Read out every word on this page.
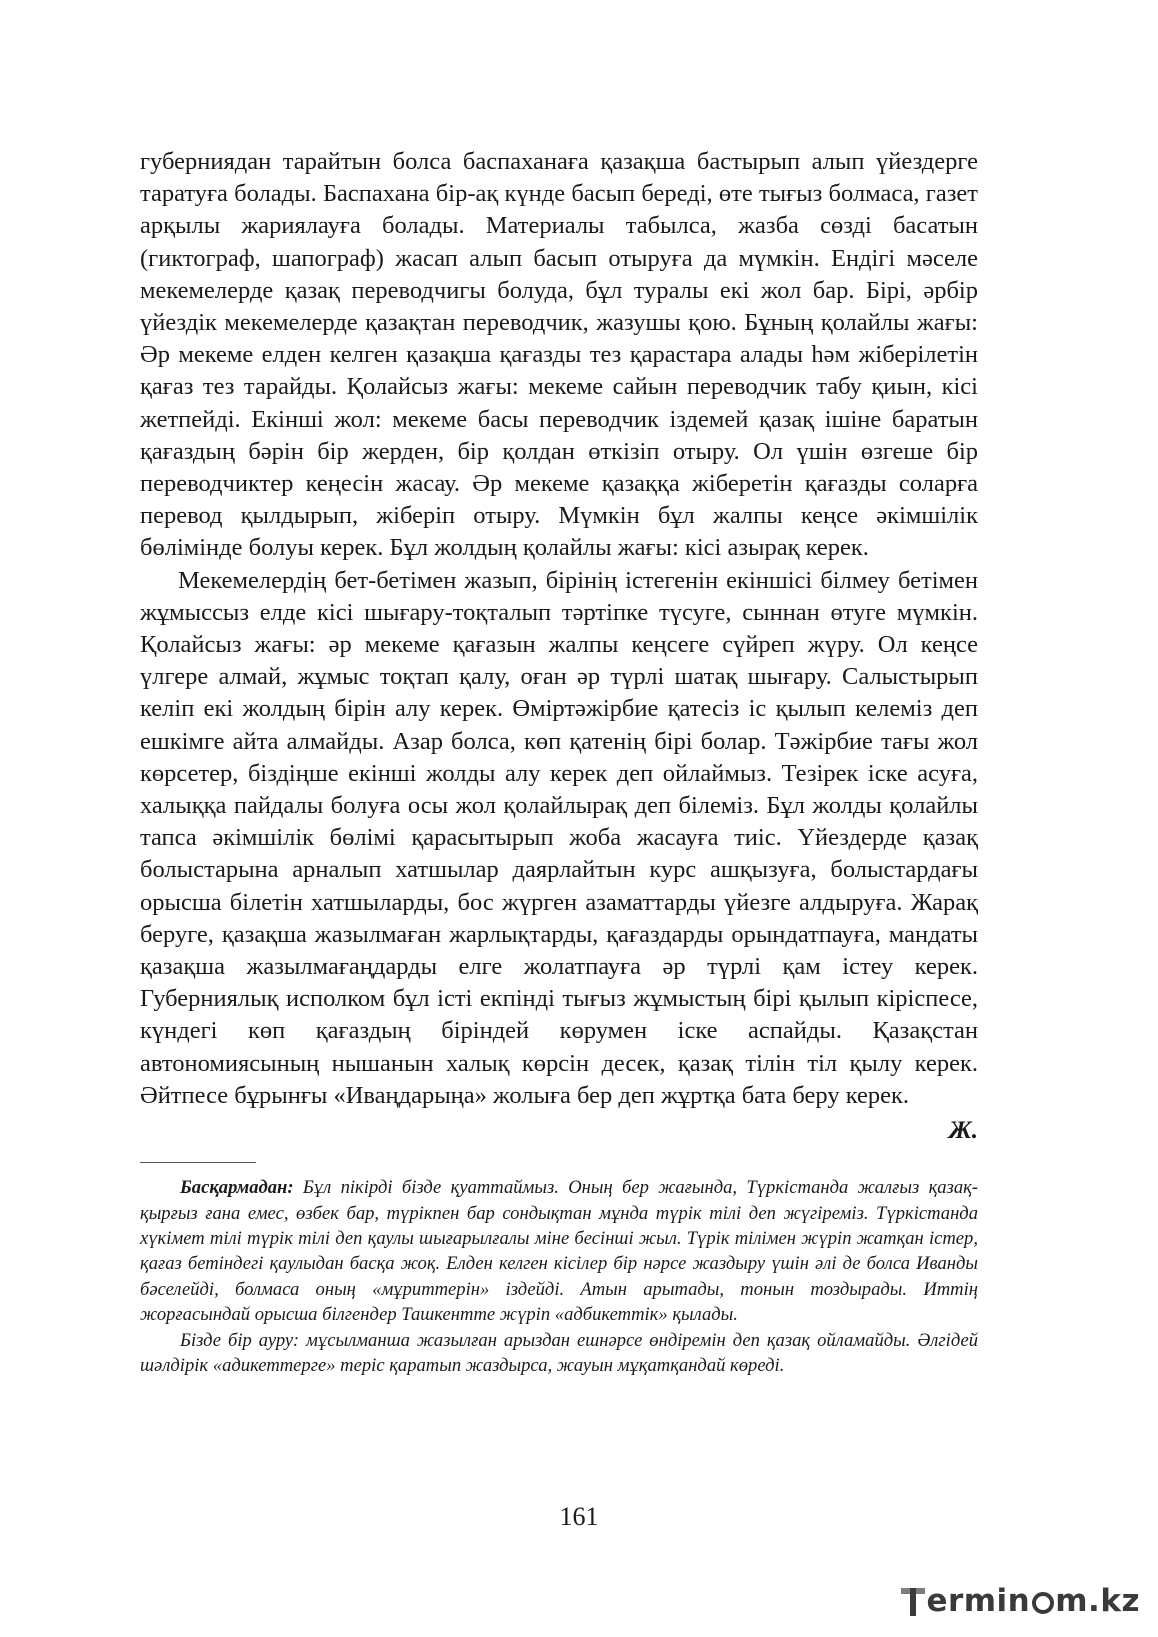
губерниядан тарайтын болса баспаханаға қазақша бастырып алып үйездерге таратуға болады. Баспахана бір-ақ күнде басып береді, өте тығыз болмаса, газет арқылы жариялауға болады. Материалы табылса, жазба сөзді басатын (гиктограф, шапограф) жасап алып басып отыруға да мүмкін. Ендігі мәселе мекемелерде қазақ переводчигы болуда, бұл туралы екі жол бар. Бірі, әрбір үйездік мекемелерде қазақтан переводчик, жазушы қою. Бұның қолайлы жағы: Әр мекеме елден келген қазақша қағазды тез қарастара алады һәм жіберілетін қағаз тез тарайды. Қолайсыз жағы: мекеме сайын переводчик табу қиын, кісі жетпейді. Екінші жол: мекеме басы переводчик іздемей қазақ ішіне баратын қағаздың бәрін бір жерден, бір қолдан өткізіп отыру. Ол үшін өзгеше бір переводчиктер кеңесін жасау. Әр мекеме қазаққа жіберетін қағазды соларға перевод қылдырып, жіберіп отыру. Мүмкін бұл жалпы кеңсе әкімшілік бөлімінде болуы керек. Бұл жолдың қолайлы жағы: кісі азырақ керек.

Мекемелердің бет-бетімен жазып, бірінің істегенін екіншісі білмеу бетімен жұмыссыз елде кісі шығару-тоқталып тәртіпке түсуге, сыннан өтуге мүмкін. Қолайсыз жағы: әр мекеме қағазын жалпы кеңсеге сүйреп жүру. Ол кеңсе үлгере алмай, жұмыс тоқтап қалу, оған әр түрлі шатақ шығару. Салыстырып келіп екі жолдың бірін алу керек. Өміртәжірбие қатесіз іс қылып келеміз деп ешкімге айта алмайды. Азар болса, көп қатенің бірі болар. Тәжірбие тағы жол көрсетер, біздіңше екінші жолды алу керек деп ойлаймыз. Тезірек іске асуға, халыққа пайдалы болуға осы жол қолайлырақ деп білеміз. Бұл жолды қолайлы тапса әкімшілік бөлімі қарасытырып жоба жасауға тиіс. Үйездерде қазақ болыстарына арналып хатшылар даярлайтын курс ашқызуға, болыстардағы орысша білетін хатшыларды, бос жүрген азаматтарды үйезге алдыруға. Жарақ беруге, қазақша жазылмаған жарлықтарды, қағаздарды орындатпауға, мандаты қазақша жазылмағаңдарды елге жолатпауға әр түрлі қам істеу керек. Губерниялық исполком бұл істі екпінді тығыз жұмыстың бірі қылып кіріспесе, күндегі көп қағаздың біріндей көрумен іске аспайды. Қазақстан автономиясының нышанын халық көрсін десек, қазақ тілін тіл қылу керек. Әйтпесе бұрынғы «Иваңдарыңа» жолыға бер деп жұртқа бата беру керек.

Ж.

Басқармадан: Бұл пікірді бізде қуаттаймыз. Оның бер жағында, Түркістанда жалғыз қазақ-қырғыз ғана емес, өзбек бар, түрікпен бар сондықтан мұнда түрік тілі деп жүгіреміз. Түркістанда хүкімет тілі түрік тілі деп қаулы шығарылғалы міне бесінші жыл. Түрік тілімен жүріп жатқан істер, қағаз бетіндегі қаулыдан басқа жоқ. Елден келген кісілер бір нәрсе жаздыру үшін әлі де болса Иванды бәселейді, болмаса оның «мұриттерін» іздейді. Атын арытады, тонын тоздырады. Иттің жорғасындай орысша білгендер Ташкентте жүріп «адбикеттік» қылады.

Бізде бір ауру: мұсылманша жазылған арыздан ешнәрсе өндіремін деп қазақ ойламайды. Әлгідей шәлдірік «адикеттерге» теріс қаратып жаздырса, жауын мұқатқандай көреді.

161
ermin m.kz
